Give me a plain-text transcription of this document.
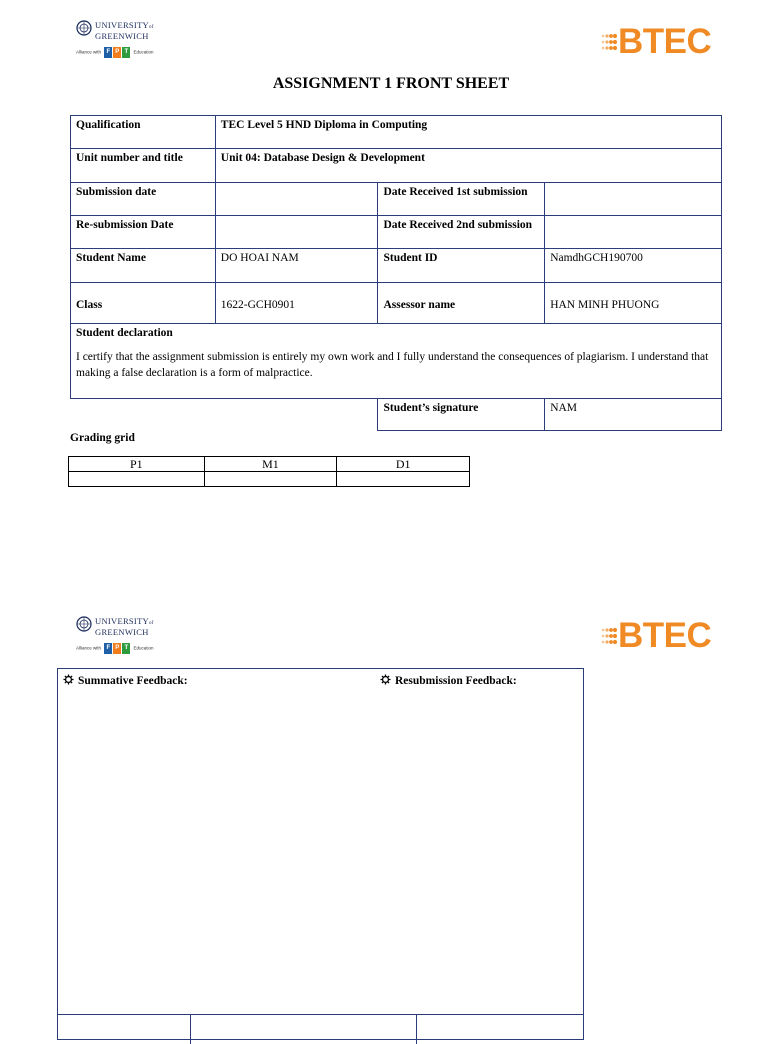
UNIVERSITYof
GREENWICH
Alliance with F P T	Education	BTEC
ASSIGNMENT 1 FRONT SHEET
Qualification	TEC Level 5 HND Diploma in Computing		
Unit number and title	Unit 04: Database Design & Development		
Submission date		Date Received 1st submission	
Re-submission Date		Date Received 2nd submission	
Student Name	DO HOAI NAM	Student ID	NamdhGCH190700
Class	1622-GCH0901	Assessor name	HAN MINH PHUONG

Student declaration
I certify that the assignment submission is entirely my own work and I fully understand the consequences of plagiarism. I understand that making a false declaration is a form of malpractice.			

		Student’s signature	NAM
Grading grid
P1	M1	D1

UNIVERSITYof
GREENWICH
Alliance with F P T	Education	BTEC
Summative Feedback:	Resubmission Feedback:
